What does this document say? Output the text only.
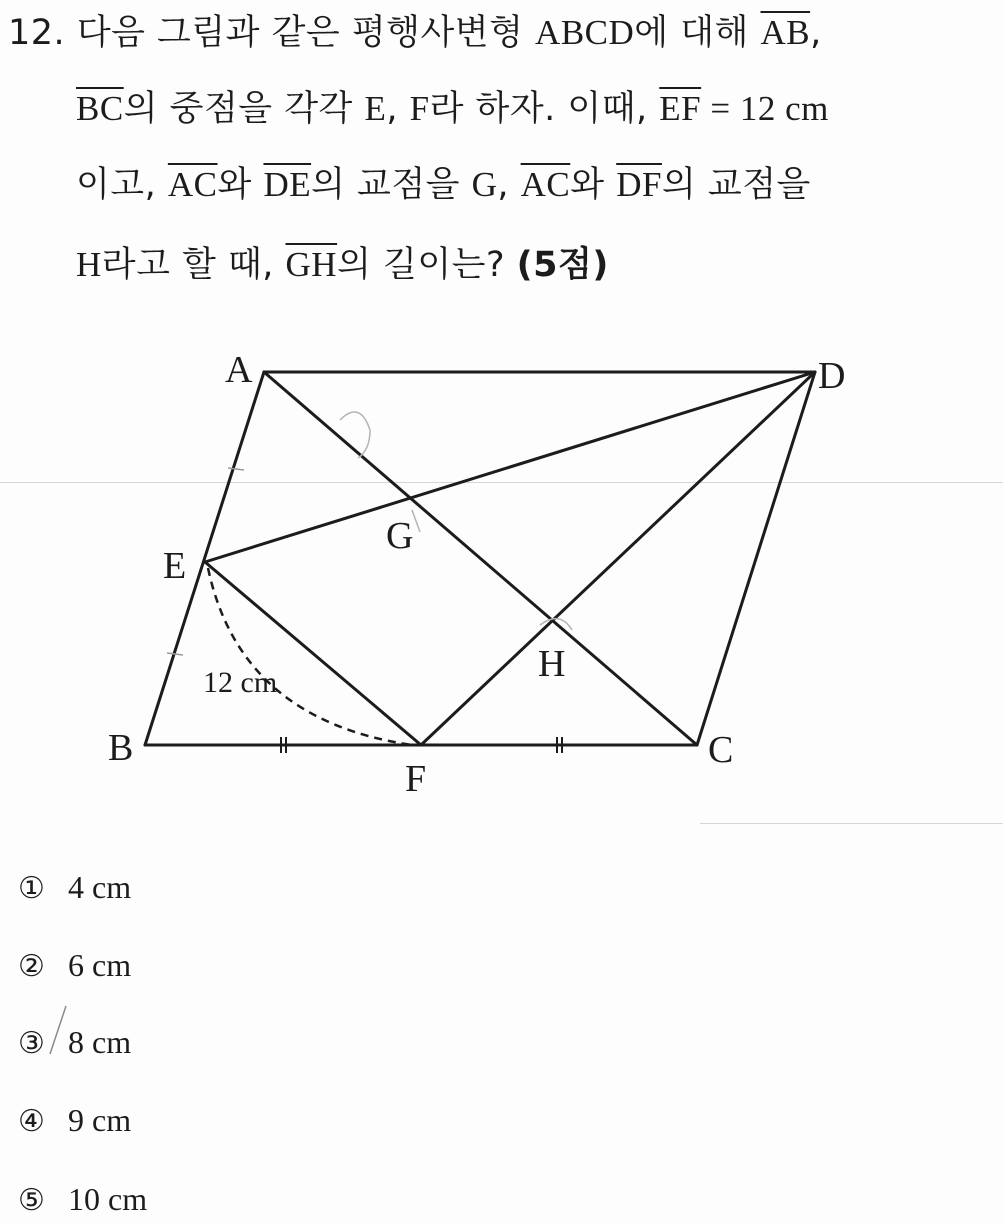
12. 다음 그림과 같은 평행사변형 ABCD에 대해 $\overline{AB}$,
$\overline{BC}$의 중점을 각각 E, F라 하자. 이때, $\overline{EF} = 12$ cm
이고, $\overline{AC}$와 $\overline{DE}$의 교점을 G, $\overline{AC}$와 $\overline{DF}$의 교점을
H라고 할 때, $\overline{GH}$의 길이는? (5점)
A	D
E
G
H
B	C
F
12 cm
① 4 cm
② 6 cm
③ 8 cm
④ 9 cm
⑤ 10 cm
